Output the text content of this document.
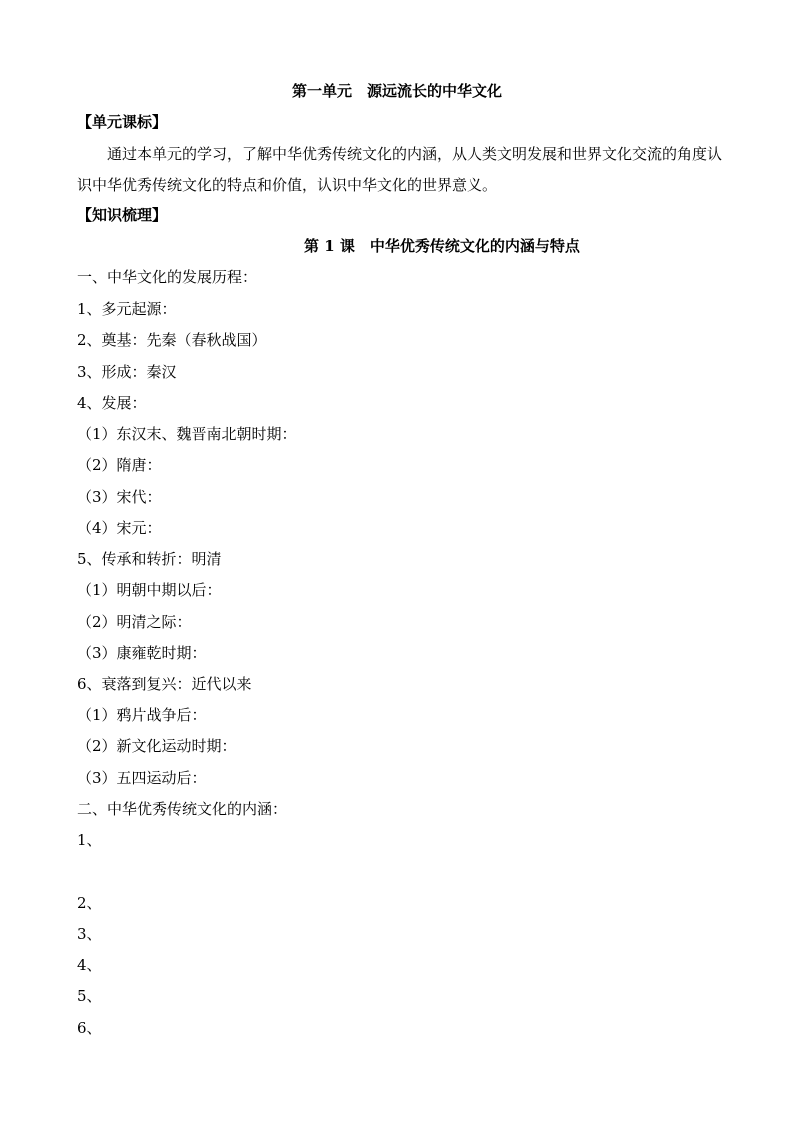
第一单元　源远流长的中华文化
【单元课标】
通过本单元的学习，了解中华优秀传统文化的内涵，从人类文明发展和世界文化交流的角度认识中华优秀传统文化的特点和价值，认识中华文化的世界意义。
【知识梳理】
第 1 课　中华优秀传统文化的内涵与特点
一、中华文化的发展历程：
1、多元起源：
2、奠基：先秦（春秋战国）
3、形成：秦汉
4、发展：
（1）东汉末、魏晋南北朝时期：
（2）隋唐：
（3）宋代：
（4）宋元：
5、传承和转折：明清
（1）明朝中期以后：
（2）明清之际：
（3）康雍乾时期：
6、衰落到复兴：近代以来
（1）鸦片战争后：
（2）新文化运动时期：
（3）五四运动后：
二、中华优秀传统文化的内涵：
1、
2、
3、
4、
5、
6、
